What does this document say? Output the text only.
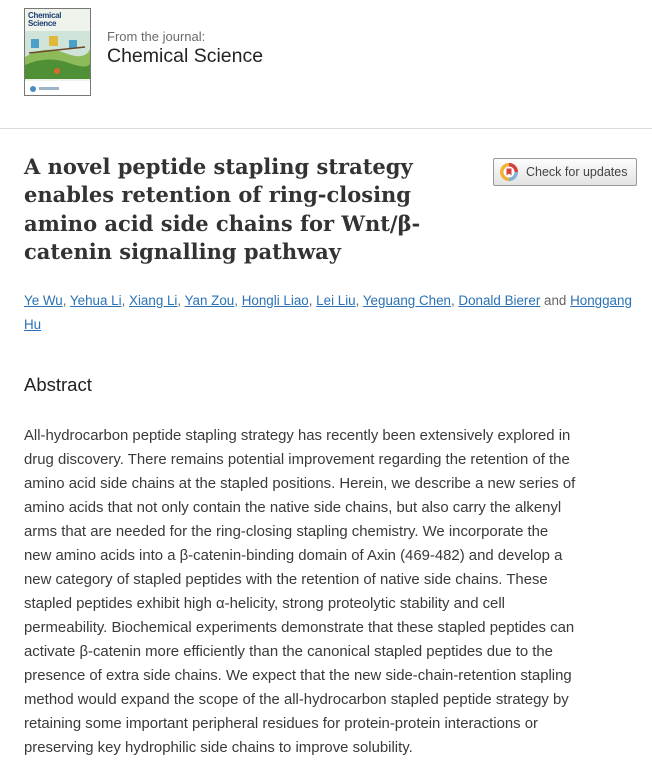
Chemical Science
From the journal:
Chemical Science
A novel peptide stapling strategy enables retention of ring-closing amino acid side chains for Wnt/β-catenin signalling pathway
Check for updates
Ye Wu, Yehua Li, Xiang Li, Yan Zou, Hongli Liao, Lei Liu, Yeguang Chen, Donald Bierer and Honggang Hu
Abstract

All-hydrocarbon peptide stapling strategy has recently been extensively explored in
drug discovery. There remains potential improvement regarding the retention of the
amino acid side chains at the stapled positions. Herein, we describe a new series of
amino acids that not only contain the native side chains, but also carry the alkenyl
arms that are needed for the ring-closing stapling chemistry. We incorporate the
new amino acids into a β-catenin-binding domain of Axin (469-482) and develop a
new category of stapled peptides with the retention of native side chains. These
stapled peptides exhibit high α-helicity, strong proteolytic stability and cell
permeability. Biochemical experiments demonstrate that these stapled peptides can
activate β-catenin more efficiently than the canonical stapled peptides due to the
presence of extra side chains. We expect that the new side-chain-retention stapling
method would expand the scope of the all-hydrocarbon stapled peptide strategy by
retaining some important peripheral residues for protein-protein interactions or
preserving key hydrophilic side chains to improve solubility.
